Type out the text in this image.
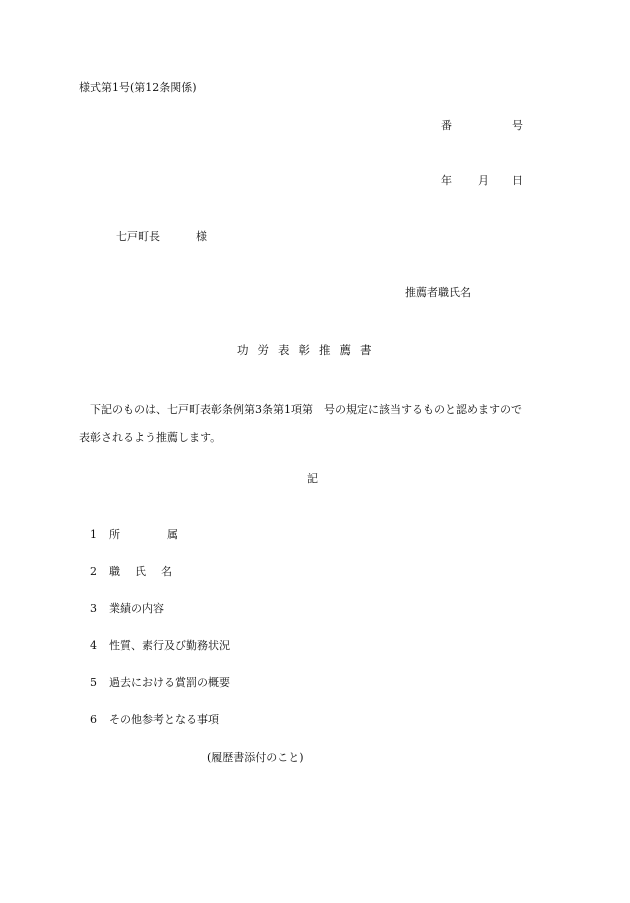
様式第1号(第12条関係)
番	号
年 月 日
七戸町長	様
推薦者職氏名
功労表彰推薦書
下記のものは、七戸町表彰条例第3条第1項第　号の規定に該当するものと認めますので
表彰されるよう推薦します。
記
1 所	属
2 職 氏 名
3 業績の内容
4 性質、素行及び勤務状況
5 過去における賞罰の概要
6 その他参考となる事項
(履歴書添付のこと)
